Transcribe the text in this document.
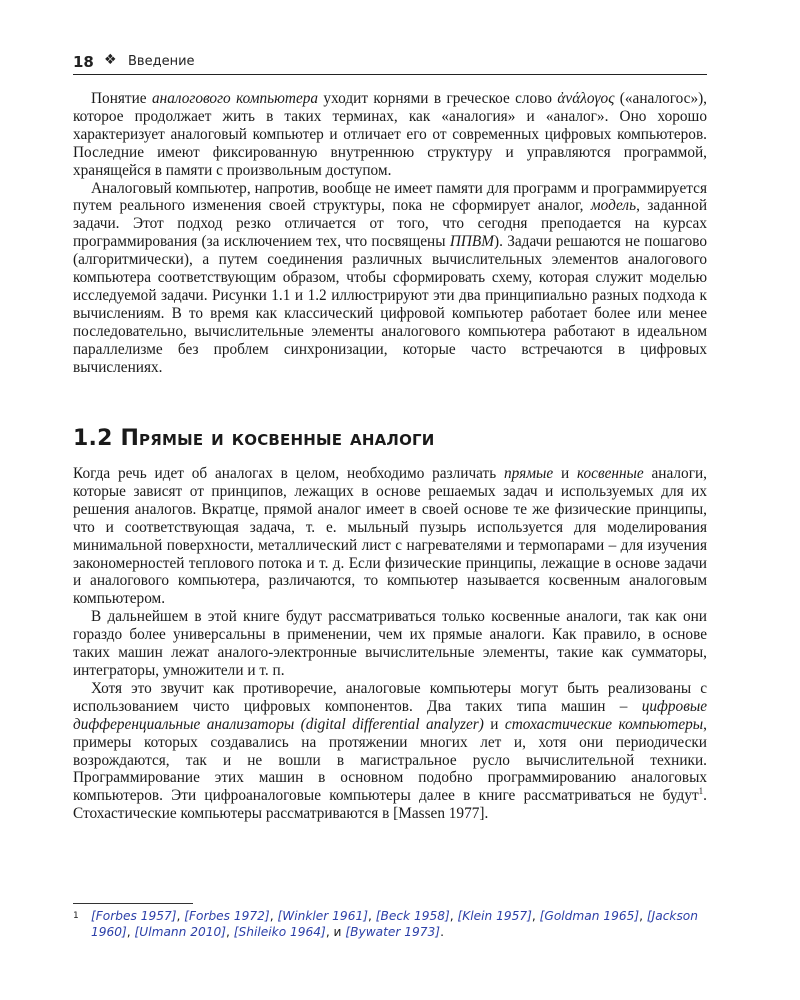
18 ❖ Введение

Понятие аналогового компьютера уходит корнями в греческое слово ἀνάλογος («аналогос»), которое продолжает жить в таких терминах, как «аналогия» и «аналог». Оно хорошо характеризует аналоговый компьютер и отличает его от современных цифровых компьютеров. Последние имеют фиксированную внутреннюю структуру и управляются программой, хранящейся в памяти с произвольным доступом.

Аналоговый компьютер, напротив, вообще не имеет памяти для программ и программируется путем реального изменения своей структуры, пока не сформирует аналог, модель, заданной задачи. Этот подход резко отличается от того, что сегодня преподается на курсах программирования (за исключением тех, что посвящены ППВМ). Задачи решаются не пошагово (алгоритмически), а путем соединения различных вычислительных элементов аналогового компьютера соответствующим образом, чтобы сформировать схему, которая служит моделью исследуемой задачи. Рисунки 1.1 и 1.2 иллюстрируют эти два принципиально разных подхода к вычислениям. В то время как классический цифровой компьютер работает более или менее последовательно, вычислительные элементы аналогового компьютера работают в идеальном параллелизме без проблем синхронизации, которые часто встречаются в цифровых вычислениях.

1.2 Прямые и косвенные аналоги

Когда речь идет об аналогах в целом, необходимо различать прямые и косвенные аналоги, которые зависят от принципов, лежащих в основе решаемых задач и используемых для их решения аналогов. Вкратце, прямой аналог имеет в своей основе те же физические принципы, что и соответствующая задача, т. е. мыльный пузырь используется для моделирования минимальной поверхности, металлический лист с нагревателями и термопарами – для изучения закономерностей теплового потока и т. д. Если физические принципы, лежащие в основе задачи и аналогового компьютера, различаются, то компьютер называется косвенным аналоговым компьютером.

В дальнейшем в этой книге будут рассматриваться только косвенные аналоги, так как они гораздо более универсальны в применении, чем их прямые аналоги. Как правило, в основе таких машин лежат аналого-электронные вычислительные элементы, такие как сумматоры, интеграторы, умножители и т. п.

Хотя это звучит как противоречие, аналоговые компьютеры могут быть реализованы с использованием чисто цифровых компонентов. Два таких типа машин – цифровые дифференциальные анализаторы (digital differential analyzer) и стохастические компьютеры, примеры которых создавались на протяжении многих лет и, хотя они периодически возрождаются, так и не вошли в магистральное русло вычислительной техники. Программирование этих машин в основном подобно программированию аналоговых компьютеров. Эти цифроаналоговые компьютеры далее в книге рассматриваться не будут$^1$. Стохастические компьютеры рассматриваются в [Massen 1977].

1 [Forbes 1957], [Forbes 1972], [Winkler 1961], [Beck 1958], [Klein 1957], [Goldman 1965], [Jackson 1960], [Ulmann 2010], [Shileiko 1964], и [Bywater 1973].
